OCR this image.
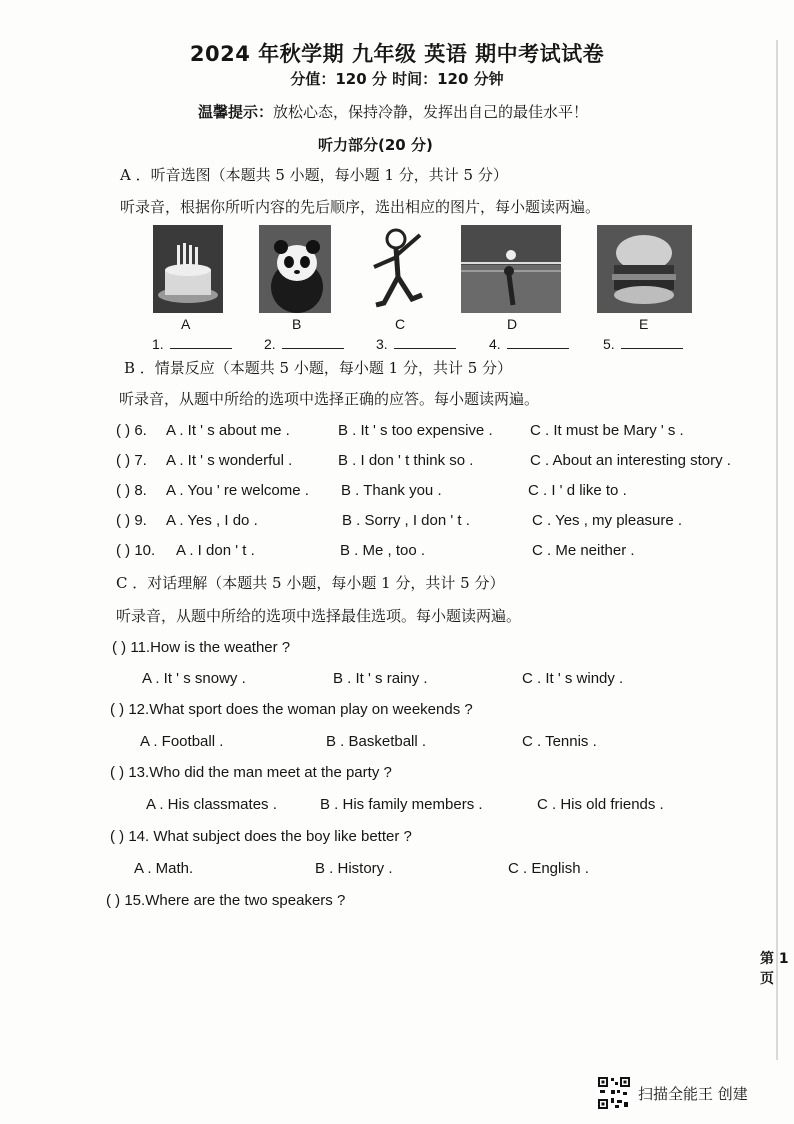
2024 年秋学期 九年级 英语 期中考试试卷
分值：120 分 时间：120 分钟
温馨提示：放松心态，保持冷静，发挥出自己的最佳水平！
听力部分(20 分)
A ．听音选图（本题共 5 小题，每小题 1 分，共计 5 分）
听录音，根据你所听内容的先后顺序，选出相应的图片，每小题读两遍。
A	B	C	D	E
1.	2.	3.	4.	5.
B ．情景反应（本题共 5 小题，每小题 1 分，共计 5 分）
听录音，从题中所给的选项中选择正确的应答。每小题读两遍。
( ) 6. A . It ' s about me .	B . It ' s too expensive . C . It must be Mary ' s .
( ) 7. A . It ' s wonderful .	B . I don ' t think so .	C . About an interesting story .
( ) 8. A . You ' re welcome . B . Thank you .	C . I ' d like to .
( ) 9. A . Yes , I do .	B . Sorry , I don ' t .	C . Yes , my pleasure .
( ) 10. A . I don ' t .	B . Me , too .	C . Me neither .
C ．对话理解（本题共 5 小题，每小题 1 分，共计 5 分）
听录音，从题中所给的选项中选择最佳选项。每小题读两遍。
( ) 11.How is the weather ?
A . It ' s snowy .	B . It ' s rainy .	C . It ' s windy .
( ) 12.What sport does the woman play on weekends ?
A . Football .	B . Basketball .	C . Tennis .
( ) 13.Who did the man meet at the party ?
A . His classmates .	B . His family members .	C . His old friends .
( ) 14. What subject does the boy like better ?
A . Math.	B . History .	C . English .
( ) 15.Where are the two speakers ?
第 1页
扫描全能王 创建
